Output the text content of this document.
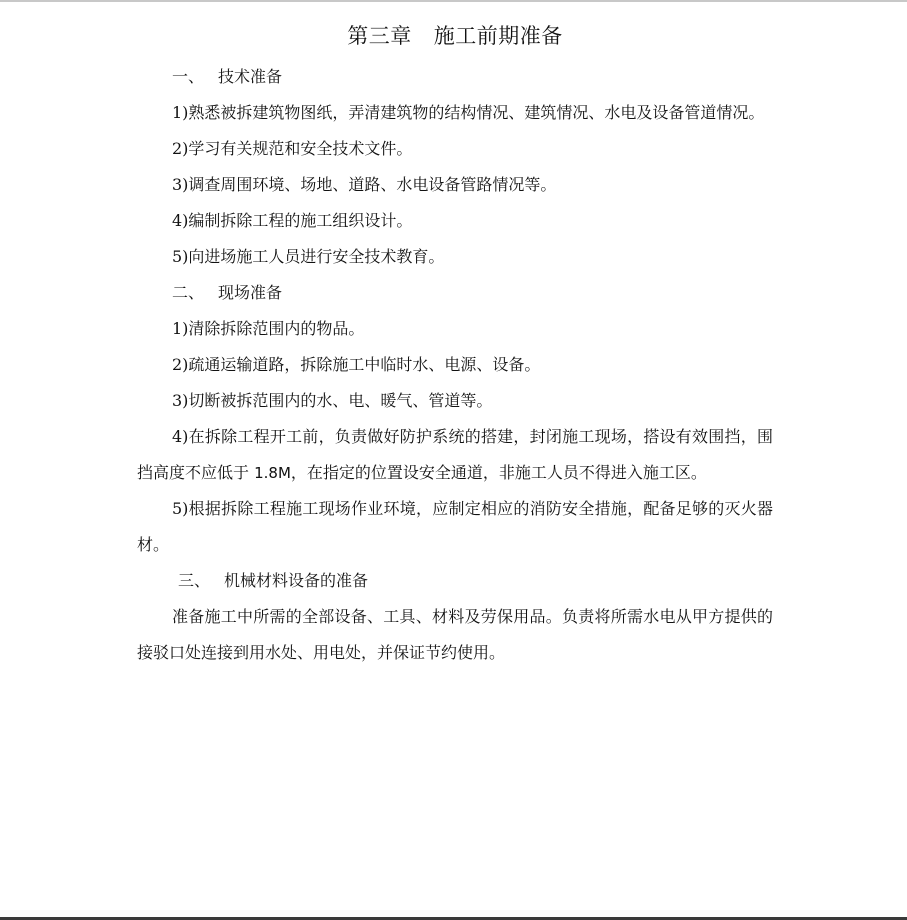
第三章 施工前期准备
一、 技术准备

1)熟悉被拆建筑物图纸，弄清建筑物的结构情况、建筑情况、水电及设备管道情况。

2)学习有关规范和安全技术文件。

3)调查周围环境、场地、道路、水电设备管路情况等。

4)编制拆除工程的施工组织设计。

5)向进场施工人员进行安全技术教育。

二、 现场准备

1)清除拆除范围内的物品。

2)疏通运输道路，拆除施工中临时水、电源、设备。

3)切断被拆范围内的水、电、暖气、管道等。

4)在拆除工程开工前，负责做好防护系统的搭建，封闭施工现场，搭设有效围挡，围挡高度不应低于 1.8M，在指定的位置设安全通道，非施工人员不得进入施工区。

5)根据拆除工程施工现场作业环境，应制定相应的消防安全措施，配备足够的灭火器材。

三、 机械材料设备的准备

准备施工中所需的全部设备、工具、材料及劳保用品。负责将所需水电从甲方提供的接驳口处连接到用水处、用电处，并保证节约使用。
